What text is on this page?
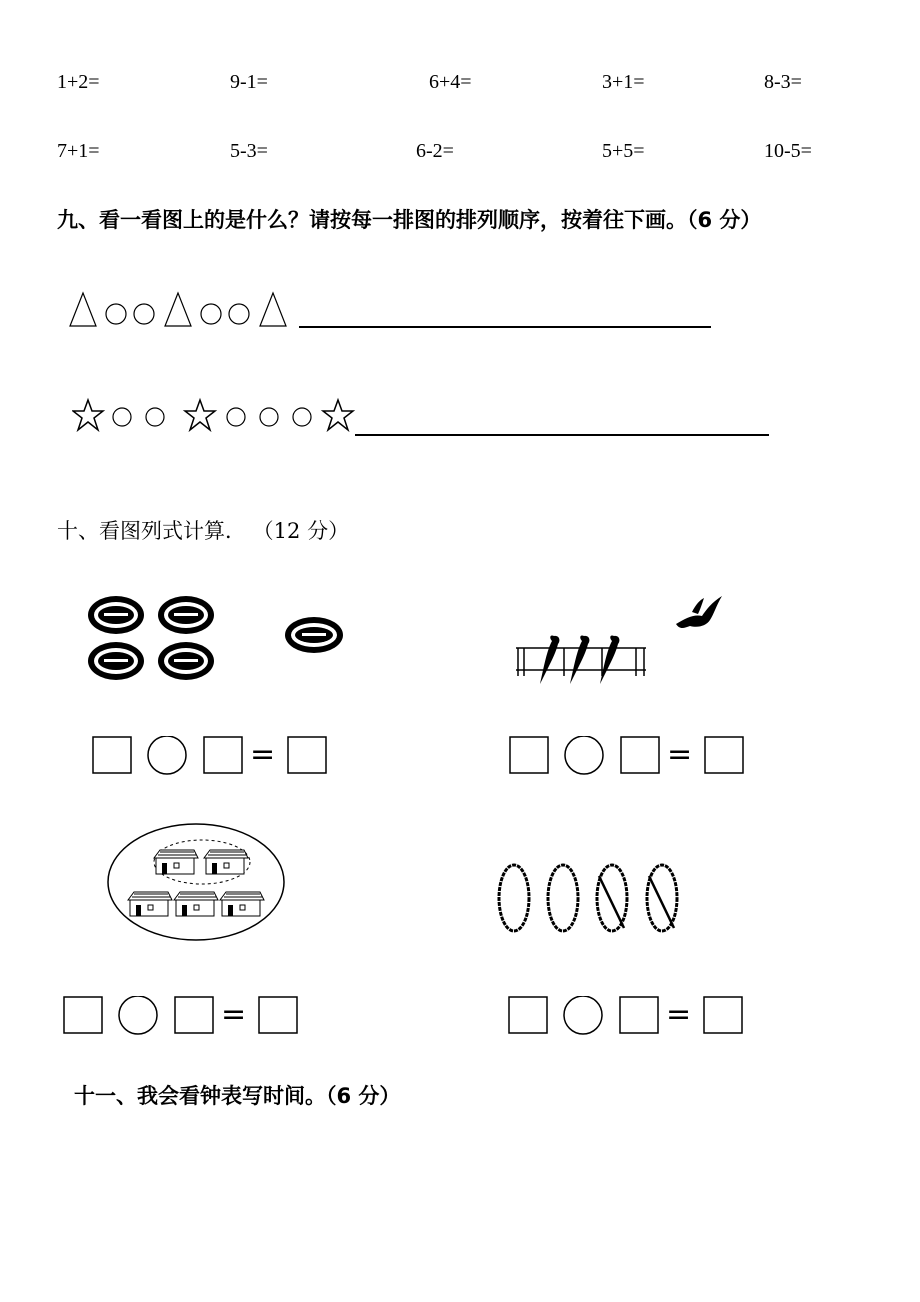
1+2=	9-1=	6+4=	3+1=	8-3=
7+1=	5-3=	6-2=	5+5=	10-5=
九、看一看图上的是什么？请按每一排图的排列顺序，按着往下画。（6 分）
十、看图列式计算． （12 分）
=	=
=	=
十一、我会看钟表写时间。（6 分）
